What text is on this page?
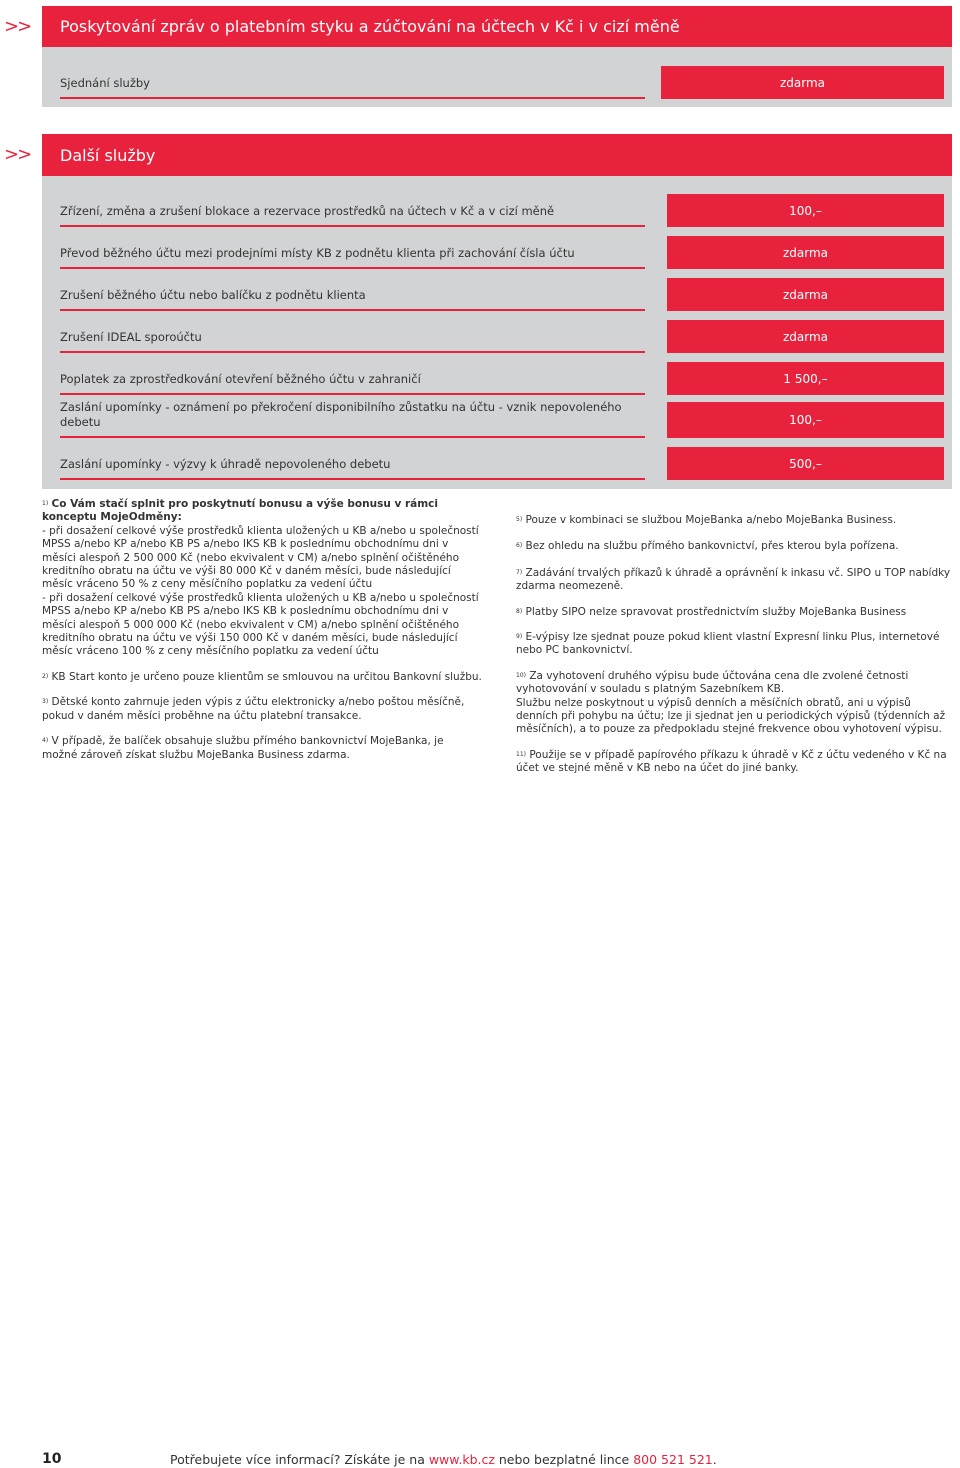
>>	Poskytování zpráv o platebním styku a zúčtování na účtech v Kč i v cizí měně
Sjednání služby	zdarma
>>	Další služby
Zřízení, změna a zrušení blokace a rezervace prostředků na účtech v Kč a v cizí měně	100,–
Převod běžného účtu mezi prodejními místy KB z podnětu klienta při zachování čísla účtu	zdarma
Zrušení běžného účtu nebo balíčku z podnětu klienta	zdarma
Zrušení IDEAL sporoúčtu	zdarma
Poplatek za zprostředkování otevření běžného účtu v zahraničí	1 500,–
Zaslání upomínky - oznámení po překročení disponibilního zůstatku na účtu - vznik nepovoleného debetu	100,–
Zaslání upomínky - výzvy k úhradě nepovoleného debetu	500,–
$^{1)}$ Co Vám stačí splnit pro poskytnutí bonusu a výše bonusu v rámci konceptu MojeOdměny:
- při dosažení celkové výše prostředků klienta uložených u KB a/nebo u společností MPSS a/nebo KP a/nebo KB PS a/nebo IKS KB k poslednímu obchodnímu dni v měsíci alespoň 2 500 000 Kč (nebo ekvivalent v CM) a/nebo splnění očištěného kreditního obratu na účtu ve výši 80 000 Kč v daném měsíci, bude následující měsíc vráceno 50 % z ceny měsíčního poplatku za vedení účtu
- při dosažení celkové výše prostředků klienta uložených u KB a/nebo u společností MPSS a/nebo KP a/nebo KB PS a/nebo IKS KB k poslednímu obchodnímu dni v měsíci alespoň 5 000 000 Kč (nebo ekvivalent v CM) a/nebo splnění očištěného kreditního obratu na účtu ve výši 150 000 Kč v daném měsíci, bude následující měsíc vráceno 100 % z ceny měsíčního poplatku za vedení účtu
$^{2)}$ KB Start konto je určeno pouze klientům se smlouvou na určitou Bankovní službu.
$^{3)}$ Dětské konto zahrnuje jeden výpis z účtu elektronicky a/nebo poštou měsíčně, pokud v daném měsíci proběhne na účtu platební transakce.
$^{4)}$ V případě, že balíček obsahuje službu přímého bankovnictví MojeBanka, je možné zároveň získat službu MojeBanka Business zdarma.
$^{5)}$ Pouze v kombinaci se službou MojeBanka a/nebo MojeBanka Business.
$^{6)}$ Bez ohledu na službu přímého bankovnictví, přes kterou byla pořízena.
$^{7)}$ Zadávání trvalých příkazů k úhradě a oprávnění k inkasu vč. SIPO u TOP nabídky zdarma neomezeně.
$^{8)}$ Platby SIPO nelze spravovat prostřednictvím služby MojeBanka Business
$^{9)}$ E-výpisy lze sjednat pouze pokud klient vlastní Expresní linku Plus, internetové nebo PC bankovnictví.
$^{10)}$ Za vyhotovení druhého výpisu bude účtována cena dle zvolené četnosti vyhotovování v souladu s platným Sazebníkem KB.
Službu nelze poskytnout u výpisů denních a měsíčních obratů, ani u výpisů denních při pohybu na účtu; lze ji sjednat jen u periodických výpisů (týdenních až měsíčních), a to pouze za předpokladu stejné frekvence obou vyhotovení výpisu.
$^{11)}$ Použije se v případě papírového příkazu k úhradě v Kč z účtu vedeného v Kč na účet ve stejné měně v KB nebo na účet do jiné banky.
10	Potřebujete více informací? Získáte je na www.kb.cz nebo bezplatné lince 800 521 521.
